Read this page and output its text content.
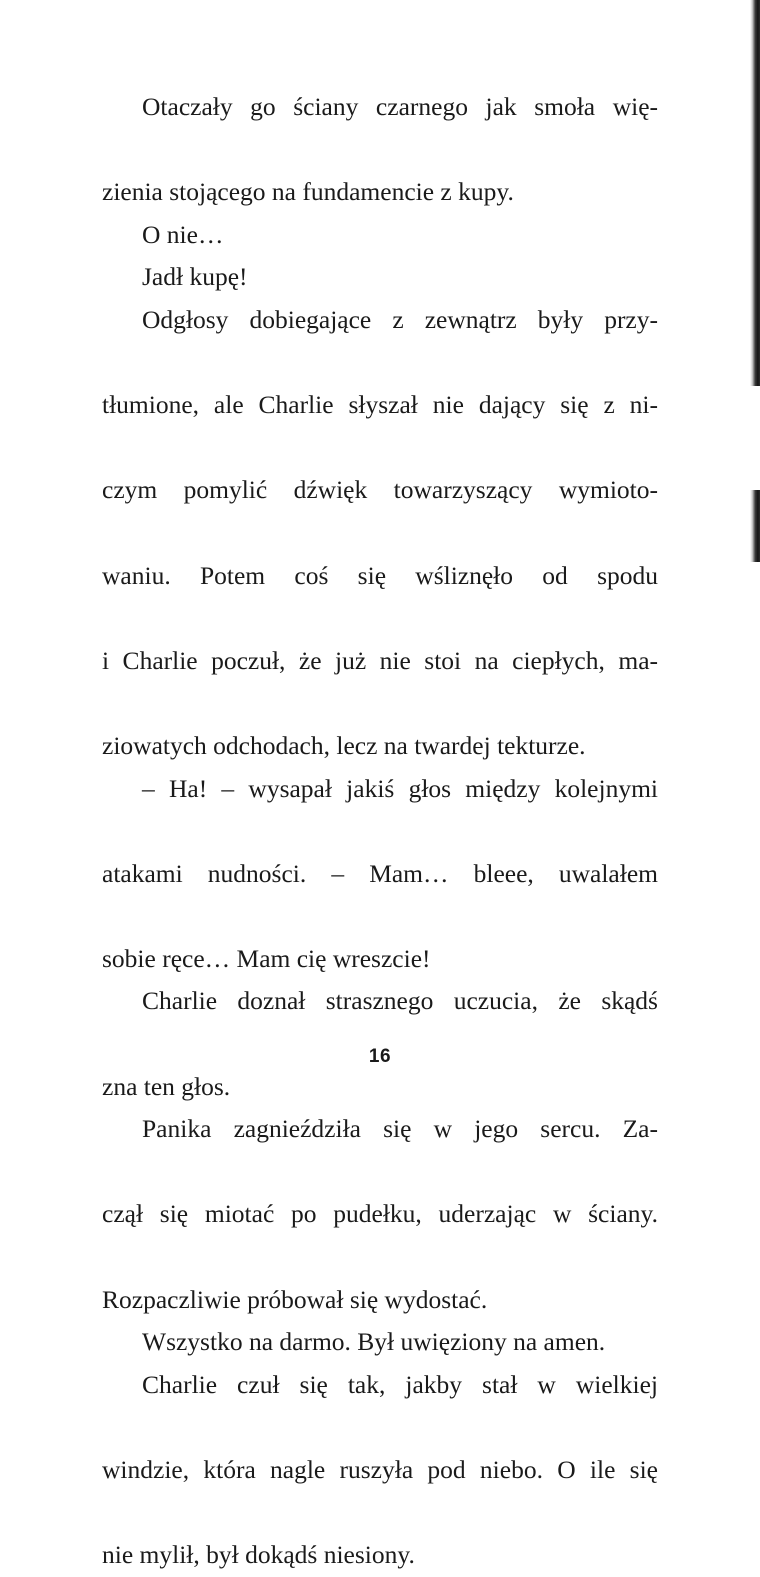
Otaczały go ściany czarnego jak smoła wię-
zienia stojącego na fundamencie z kupy.

O nie…

Jadł kupę!

Odgłosy dobiegające z zewnątrz były przy-
tłumione, ale Charlie słyszał nie dający się z ni-
czym pomylić dźwięk towarzyszący wymioto-
waniu. Potem coś się wśliznęło od spodu
i Charlie poczuł, że już nie stoi na ciepłych, ma-
ziowatych odchodach, lecz na twardej tekturze.

– Ha! – wysapał jakiś głos między kolejnymi
atakami nudności. – Mam… bleee, uwalałem
sobie ręce… Mam cię wreszcie!

Charlie doznał strasznego uczucia, że skądś
zna ten głos.

Panika zagnieździła się w jego sercu. Za-
czął się miotać po pudełku, uderzając w ściany.
Rozpaczliwie próbował się wydostać.

Wszystko na darmo. Był uwięziony na amen.

Charlie czuł się tak, jakby stał w wielkiej
windzie, która nagle ruszyła pod niebo. O ile się
nie mylił, był dokądś niesiony.

16
